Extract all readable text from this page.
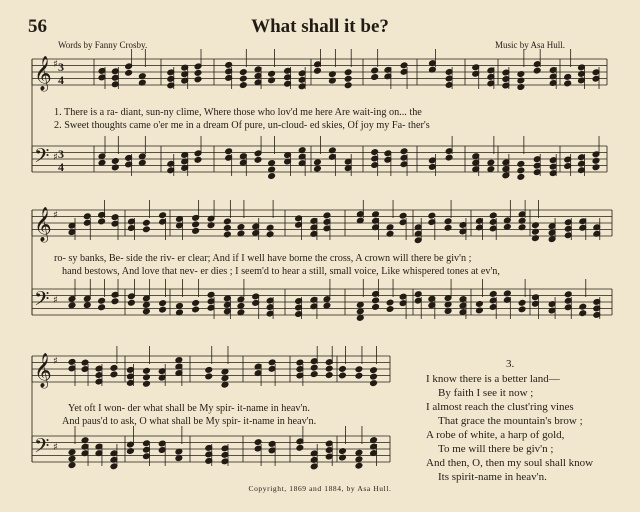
56	What shall it be?
Words by Fanny Crosby.	Music by Asa Hull.
𝄞
𝄢
♯
♯
𝄞
𝄢
♯
♯
𝄞
𝄢
♯
♯
3
4
3
4
1. There is a ra- diant, sun-ny clime, Where those who lov'd me here Are wait-ing on... the
2. Sweet thoughts came o'er me in a dream Of pure, un-cloud- ed skies, Of joy my Fa- ther's
ro- sy banks, Be- side the riv- er clear; And if I well have borne the cross, A crown will there be giv'n ;
hand bestows, And love that nev- er dies ; I seem'd to hear a still, small voice, Like whispered tones at ev'n,
Yet oft I won- der what shall be My spir- it-name in heav'n.
And paus'd to ask, O what shall be My spir- it-name in heav'n.
3.
I know there is a better land—
By faith I see it now ;
I almost reach the clust'ring vines
That grace the mountain's brow ;
A robe of white, a harp of gold,
To me will there be giv'n ;
And then, O, then my soul shall know
Its spirit-name in heav'n.
Copyright, 1869 and 1884, by Asa Hull.
